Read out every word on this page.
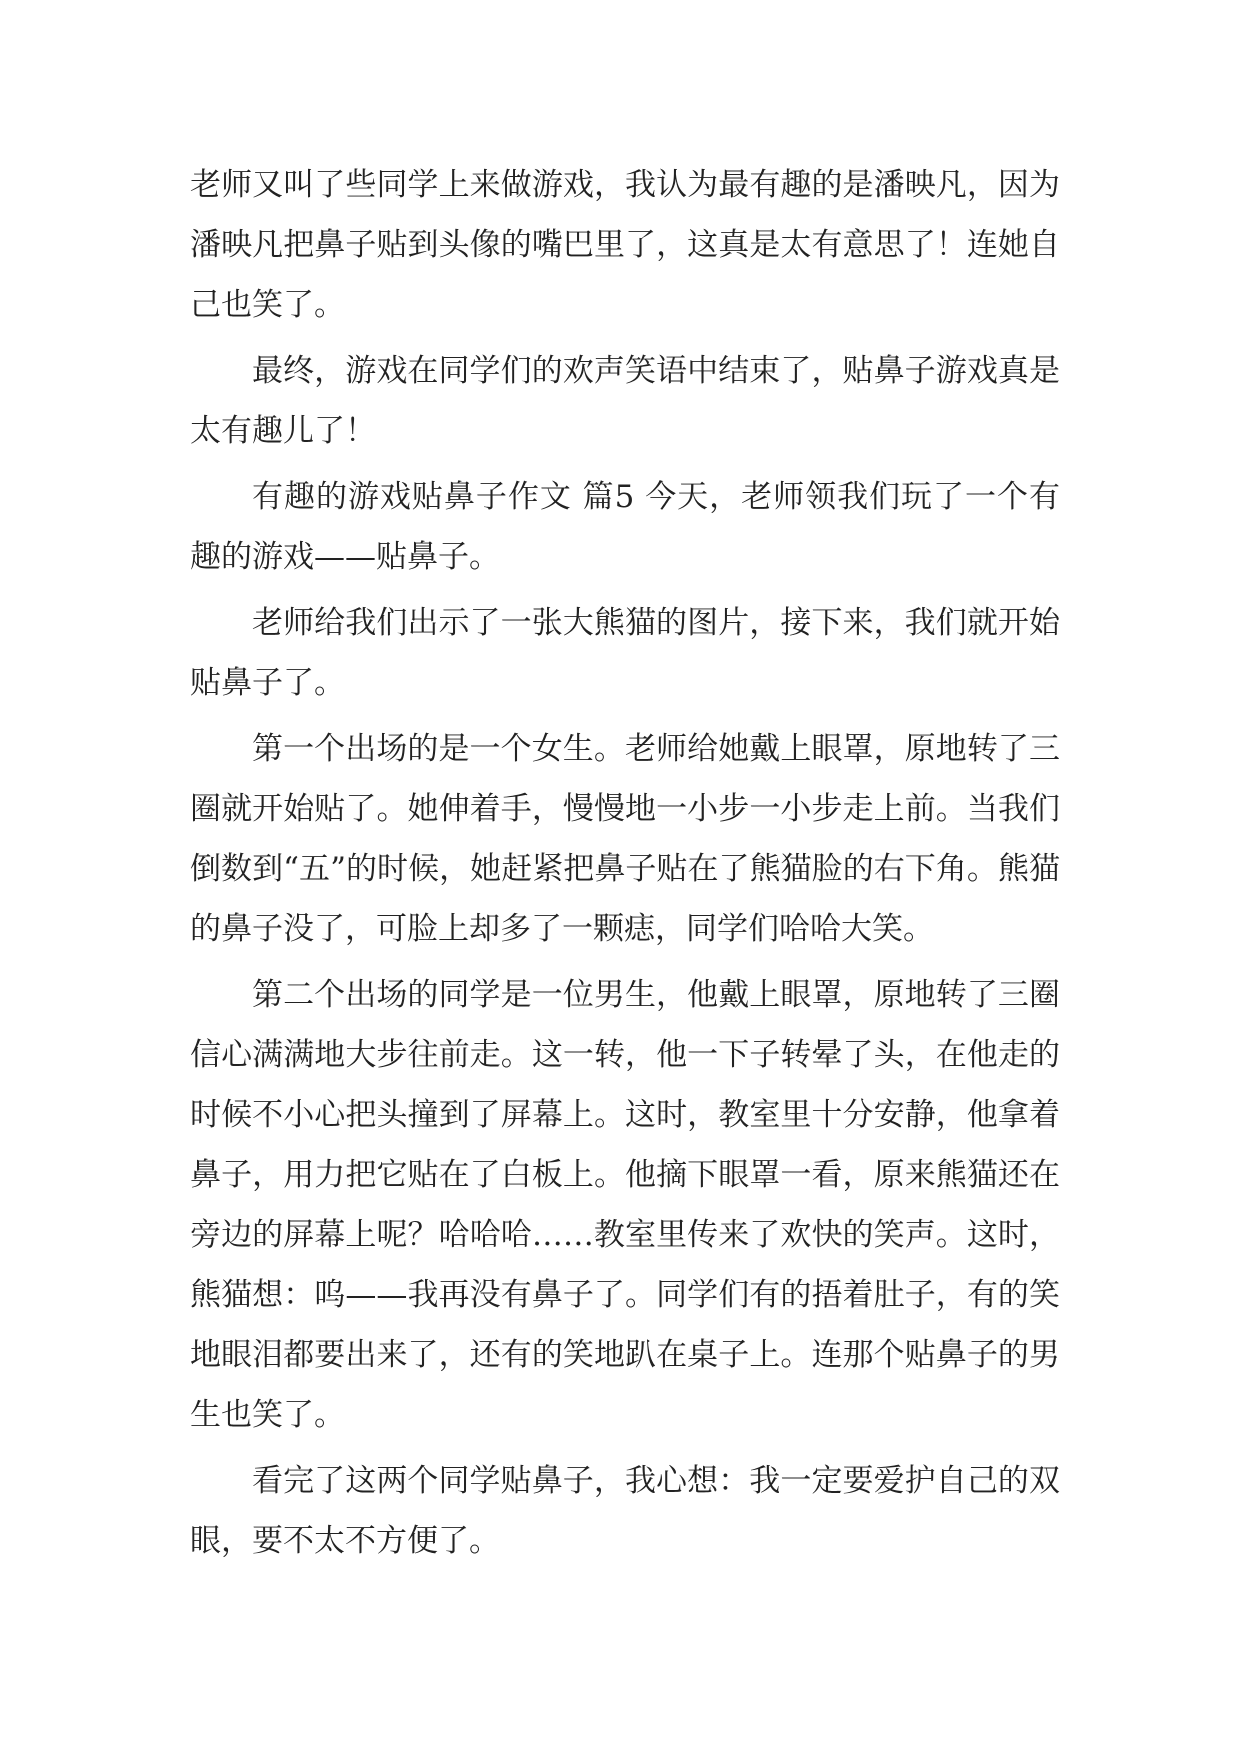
老师又叫了些同学上来做游戏，我认为最有趣的是潘映凡，因为潘映凡把鼻子贴到头像的嘴巴里了，这真是太有意思了！连她自己也笑了。

最终，游戏在同学们的欢声笑语中结束了，贴鼻子游戏真是太有趣儿了！

有趣的游戏贴鼻子作文 篇5 今天，老师领我们玩了一个有趣的游戏——贴鼻子。

老师给我们出示了一张大熊猫的图片，接下来，我们就开始贴鼻子了。

第一个出场的是一个女生。老师给她戴上眼罩，原地转了三圈就开始贴了。她伸着手，慢慢地一小步一小步走上前。当我们倒数到“五”的时候，她赶紧把鼻子贴在了熊猫脸的右下角。熊猫的鼻子没了，可脸上却多了一颗痣，同学们哈哈大笑。

第二个出场的同学是一位男生，他戴上眼罩，原地转了三圈信心满满地大步往前走。这一转，他一下子转晕了头，在他走的时候不小心把头撞到了屏幕上。这时，教室里十分安静，他拿着鼻子，用力把它贴在了白板上。他摘下眼罩一看，原来熊猫还在旁边的屏幕上呢？哈哈哈……教室里传来了欢快的笑声。这时，熊猫想：呜——我再没有鼻子了。同学们有的捂着肚子，有的笑地眼泪都要出来了，还有的笑地趴在桌子上。连那个贴鼻子的男生也笑了。

看完了这两个同学贴鼻子，我心想：我一定要爱护自己的双眼，要不太不方便了。
